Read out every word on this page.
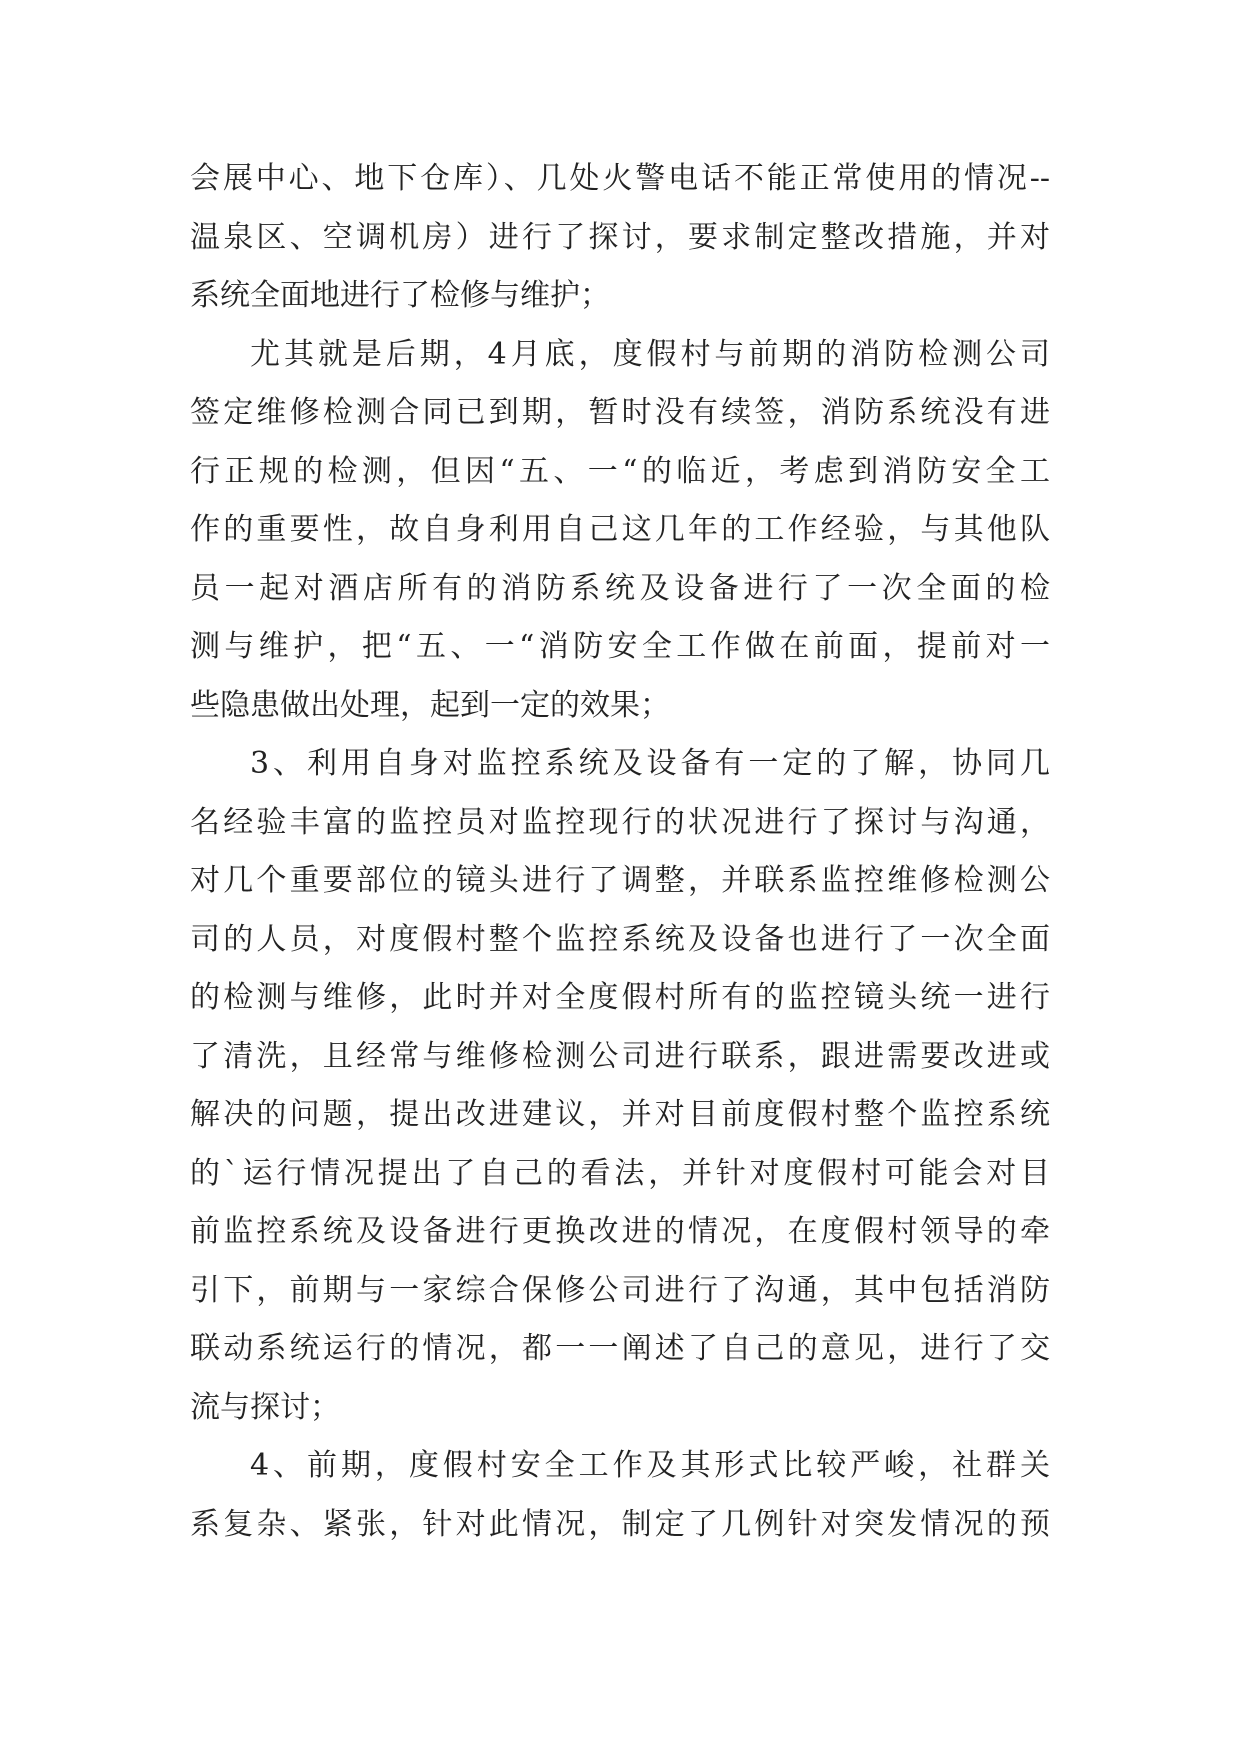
会展中心、地下仓库）、几处火警电话不能正常使用的情况--
温泉区、空调机房）进行了探讨，要求制定整改措施，并对
系统全面地进行了检修与维护；
尤其就是后期，4月底，度假村与前期的消防检测公司
签定维修检测合同已到期，暂时没有续签，消防系统没有进
行正规的检测，但因“五、一“的临近，考虑到消防安全工
作的重要性，故自身利用自己这几年的工作经验，与其他队
员一起对酒店所有的消防系统及设备进行了一次全面的检
测与维护，把“五、一“消防安全工作做在前面，提前对一
些隐患做出处理，起到一定的效果；
3、利用自身对监控系统及设备有一定的了解，协同几
名经验丰富的监控员对监控现行的状况进行了探讨与沟通，
对几个重要部位的镜头进行了调整，并联系监控维修检测公
司的人员，对度假村整个监控系统及设备也进行了一次全面
的检测与维修，此时并对全度假村所有的监控镜头统一进行
了清洗，且经常与维修检测公司进行联系，跟进需要改进或
解决的问题，提出改进建议，并对目前度假村整个监控系统
的`运行情况提出了自己的看法，并针对度假村可能会对目
前监控系统及设备进行更换改进的情况，在度假村领导的牵
引下，前期与一家综合保修公司进行了沟通，其中包括消防
联动系统运行的情况，都一一阐述了自己的意见，进行了交
流与探讨；
4、前期，度假村安全工作及其形式比较严峻，社群关
系复杂、紧张，针对此情况，制定了几例针对突发情况的预
